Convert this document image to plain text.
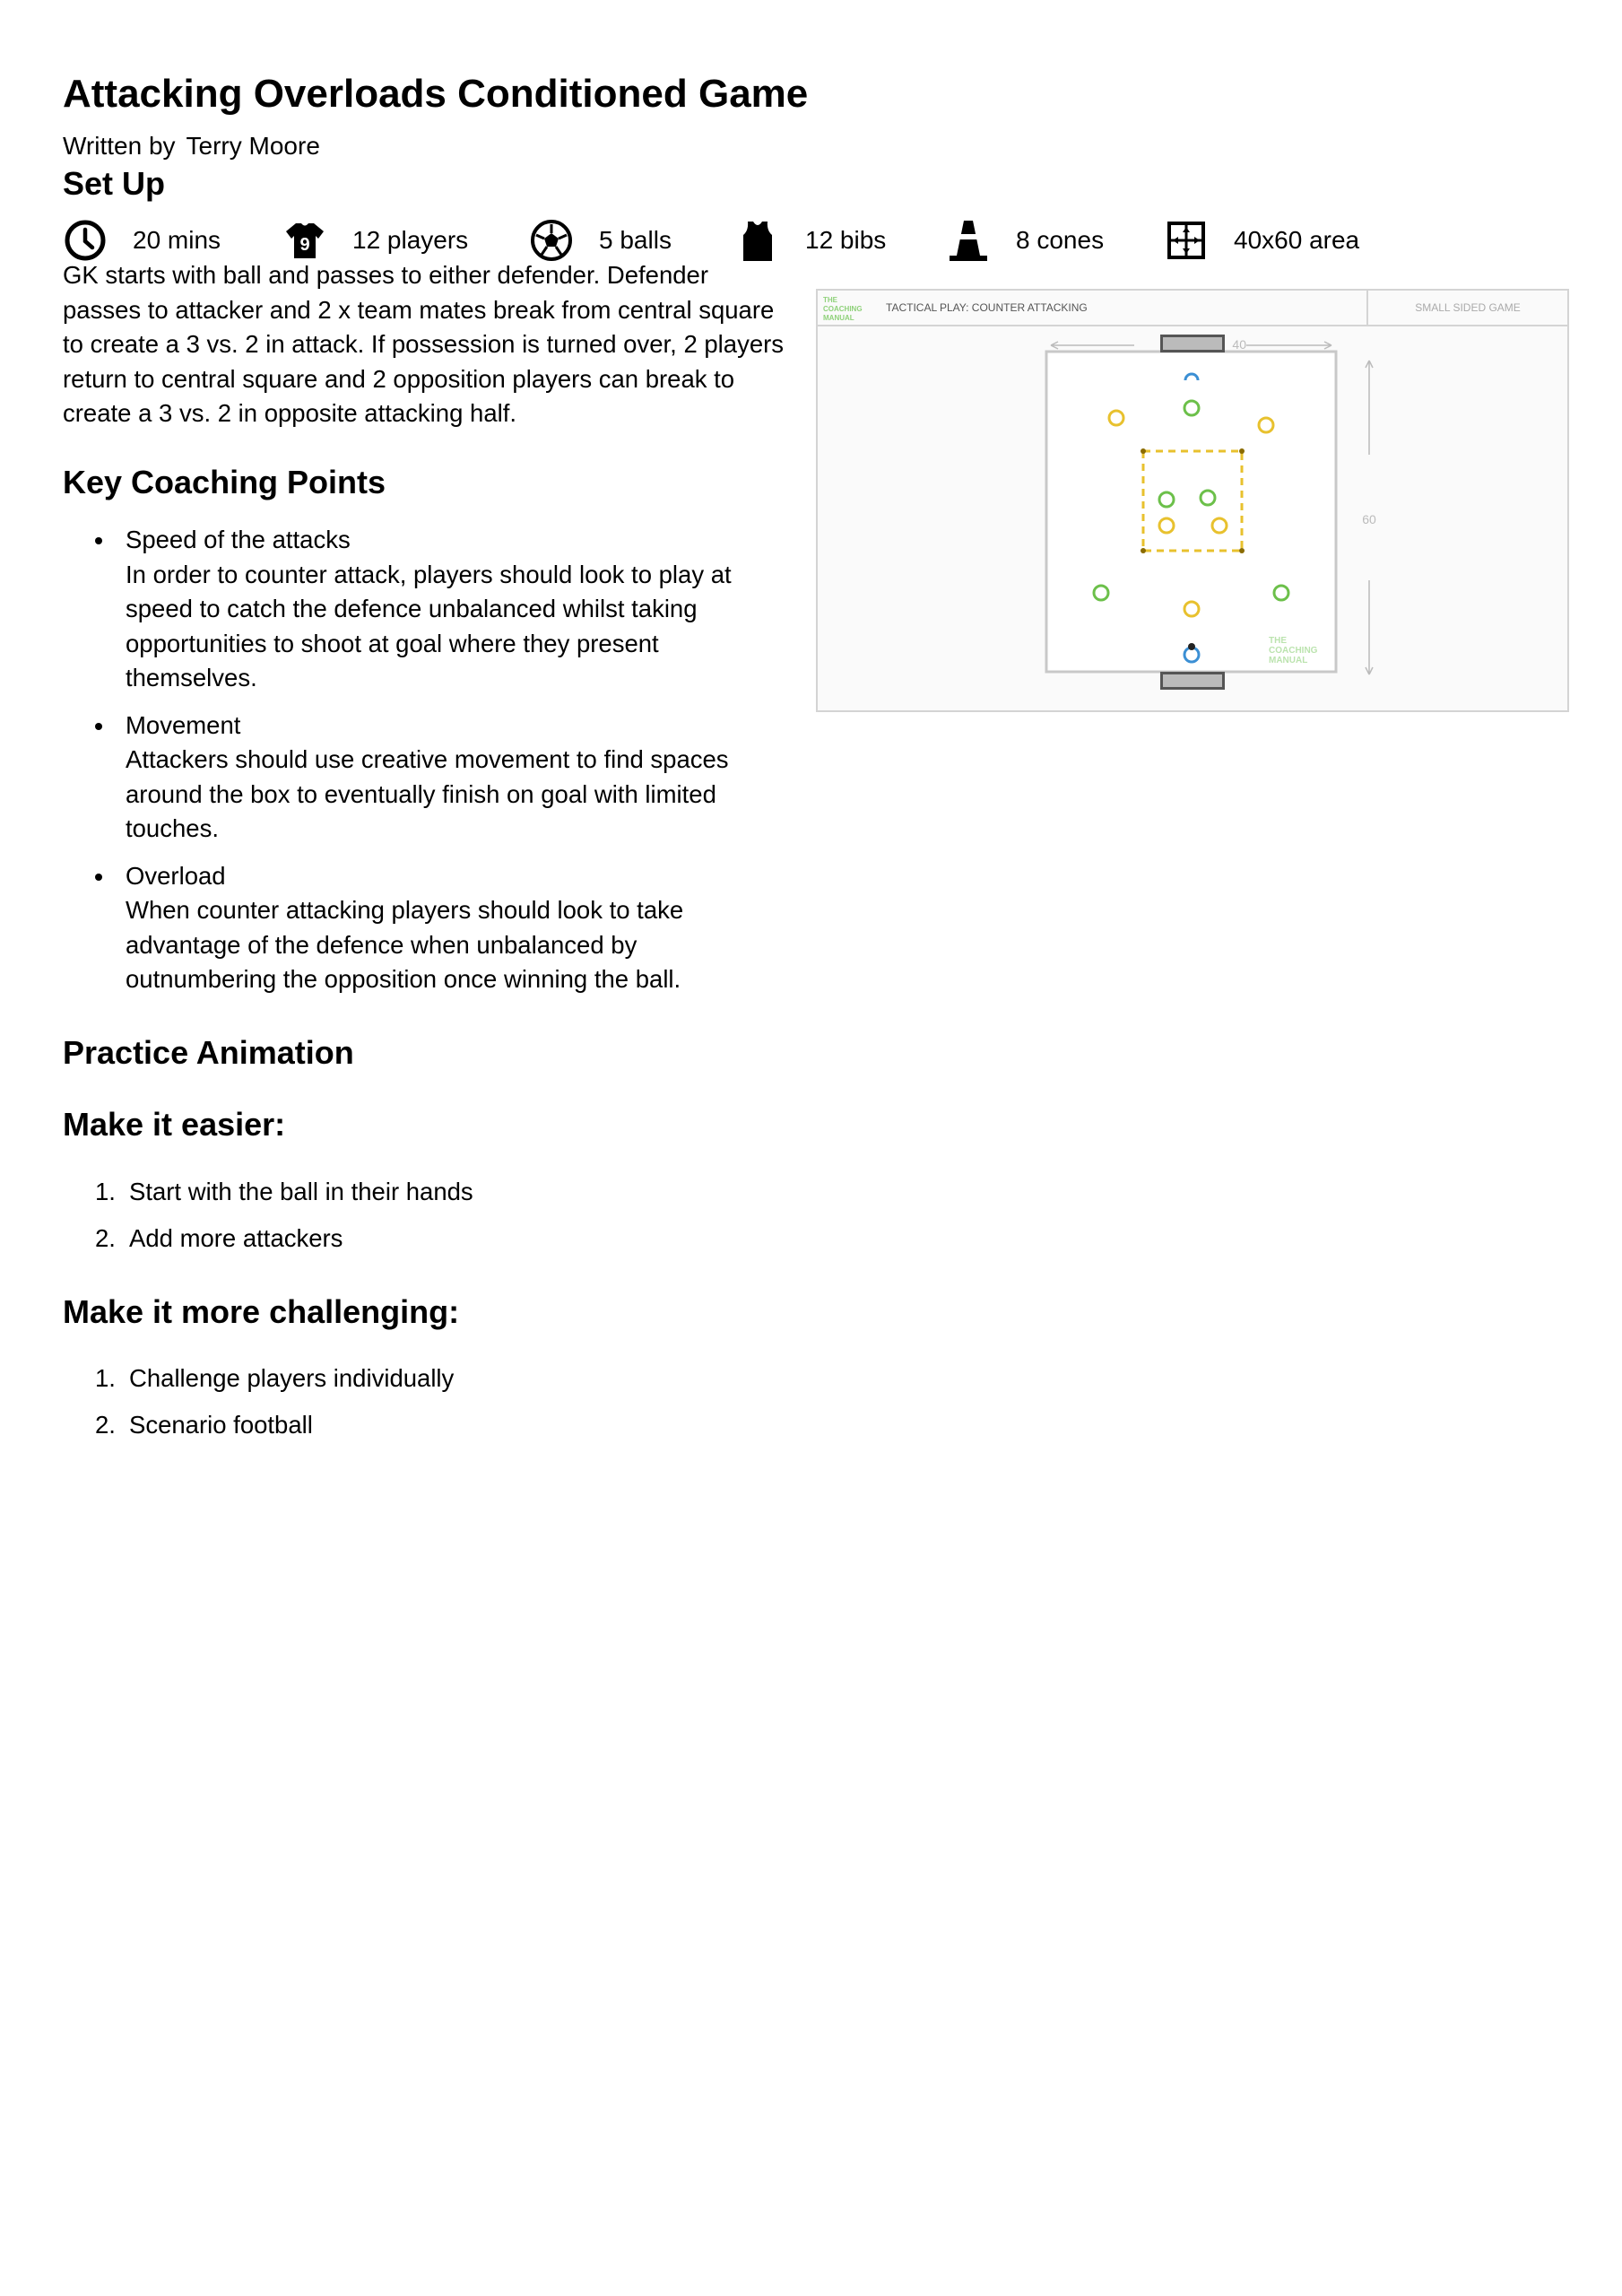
Attacking Overloads Conditioned Game
Written by Terry Moore
Set Up
20 mins	9 12 players	5 balls	12 bibs	8 cones	40x60 area
GK starts with ball and passes to either defender. Defender
passes to attacker and 2 x team mates break from central square
to create a 3 vs. 2 in attack. If possession is turned over, 2 players
return to central square and 2 opposition players can break to
create a 3 vs. 2 in opposite attacking half.
THE
COACHING
MANUAL
TACTICAL PLAY: COUNTER ATTACKING	SMALL SIDED GAME
40
60
THE
COACHING
MANUAL
Key Coaching Points
Speed of the attacks
In order to counter attack, players should look to play at
speed to catch the defence unbalanced whilst taking
opportunities to shoot at goal where they present
themselves.
Movement
Attackers should use creative movement to find spaces
around the box to eventually finish on goal with limited
touches.
Overload
When counter attacking players should look to take
advantage of the defence when unbalanced by
outnumbering the opposition once winning the ball.
Practice Animation
Make it easier:
1. Start with the ball in their hands
2. Add more attackers
Make it more challenging:
1. Challenge players individually
2. Scenario football
